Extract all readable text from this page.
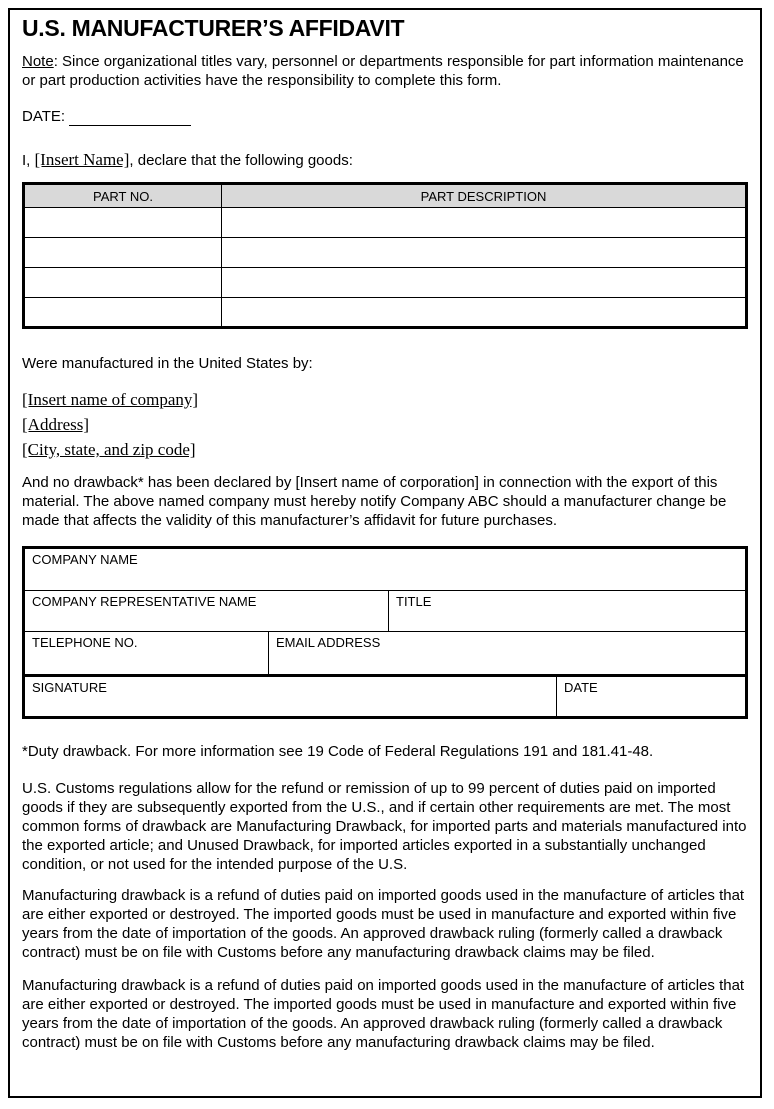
U.S. MANUFACTURER’S AFFIDAVIT

Note: Since organizational titles vary, personnel or departments responsible for part information maintenance or part production activities have the responsibility to complete this form.

DATE:

I, [Insert Name], declare that the following goods:

PART NO.	PART DESCRIPTION

Were manufactured in the United States by:

[Insert name of company]
[Address]
[City, state, and zip code]

And no drawback* has been declared by [Insert name of corporation] in connection with the export of this material. The above named company must hereby notify Company ABC should a manufacturer change be made that affects the validity of this manufacturer’s affidavit for future purchases.

COMPANY NAME			
COMPANY REPRESENTATIVE NAME		TITLE	
TELEPHONE NO.	EMAIL ADDRESS		
SIGNATURE			DATE

*Duty drawback. For more information see 19 Code of Federal Regulations 191 and 181.41-48.

U.S. Customs regulations allow for the refund or remission of up to 99 percent of duties paid on imported goods if they are subsequently exported from the U.S., and if certain other requirements are met. The most common forms of drawback are Manufacturing Drawback, for imported parts and materials manufactured into the exported article; and Unused Drawback, for imported articles exported in a substantially unchanged condition, or not used for the intended purpose of the U.S.

Manufacturing drawback is a refund of duties paid on imported goods used in the manufacture of articles that are either exported or destroyed. The imported goods must be used in manufacture and exported within five years from the date of importation of the goods. An approved drawback ruling (formerly called a drawback contract) must be on file with Customs before any manufacturing drawback claims may be filed.

Manufacturing drawback is a refund of duties paid on imported goods used in the manufacture of articles that are either exported or destroyed. The imported goods must be used in manufacture and exported within five years from the date of importation of the goods. An approved drawback ruling (formerly called a drawback contract) must be on file with Customs before any manufacturing drawback claims may be filed.
